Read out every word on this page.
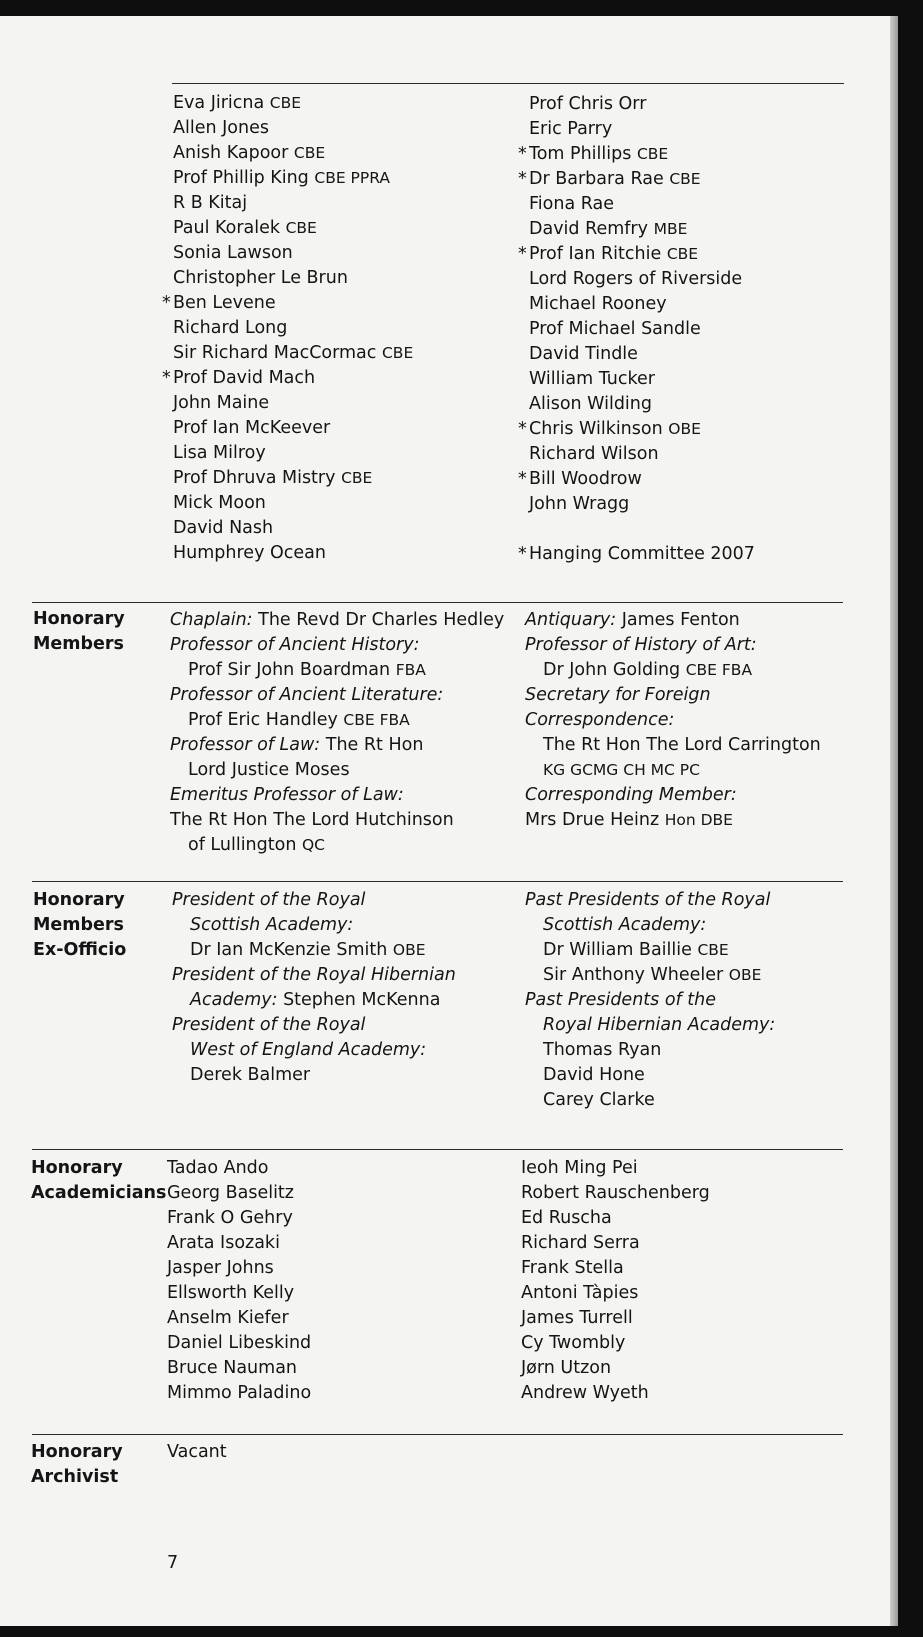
Eva Jiricna CBE
Allen Jones
Anish Kapoor CBE
Prof Phillip King CBE PPRA
R B Kitaj
Paul Koralek CBE
Sonia Lawson
Christopher Le Brun
* Ben Levene
Richard Long
Sir Richard MacCormac CBE
* Prof David Mach
John Maine
Prof Ian McKeever
Lisa Milroy
Prof Dhruva Mistry CBE
Mick Moon
David Nash
Humphrey Ocean
Prof Chris Orr
Eric Parry
* Tom Phillips CBE
* Dr Barbara Rae CBE
Fiona Rae
David Remfry MBE
* Prof Ian Ritchie CBE
Lord Rogers of Riverside
Michael Rooney
Prof Michael Sandle
David Tindle
William Tucker
Alison Wilding
* Chris Wilkinson OBE
Richard Wilson
* Bill Woodrow
John Wragg
* Hanging Committee 2007
Honorary
Members
Chaplain: The Revd Dr Charles Hedley
Professor of Ancient History:
Prof Sir John Boardman FBA
Professor of Ancient Literature:
Prof Eric Handley CBE FBA
Professor of Law: The Rt Hon
Lord Justice Moses
Emeritus Professor of Law:
The Rt Hon The Lord Hutchinson
of Lullington QC
Antiquary: James Fenton
Professor of History of Art:
Dr John Golding CBE FBA
Secretary for Foreign
Correspondence:
The Rt Hon The Lord Carrington
KG GCMG CH MC PC
Corresponding Member:
Mrs Drue Heinz Hon DBE
Honorary
Members
Ex-Officio
President of the Royal
Scottish Academy:
Dr Ian McKenzie Smith OBE
President of the Royal Hibernian
Academy: Stephen McKenna
President of the Royal
West of England Academy:
Derek Balmer
Past Presidents of the Royal
Scottish Academy:
Dr William Baillie CBE
Sir Anthony Wheeler OBE
Past Presidents of the
Royal Hibernian Academy:
Thomas Ryan
David Hone
Carey Clarke
Honorary
Academicians
Tadao Ando
Georg Baselitz
Frank O Gehry
Arata Isozaki
Jasper Johns
Ellsworth Kelly
Anselm Kiefer
Daniel Libeskind
Bruce Nauman
Mimmo Paladino
Ieoh Ming Pei
Robert Rauschenberg
Ed Ruscha
Richard Serra
Frank Stella
Antoni Tàpies
James Turrell
Cy Twombly
Jørn Utzon
Andrew Wyeth
Honorary
Archivist
Vacant
7
